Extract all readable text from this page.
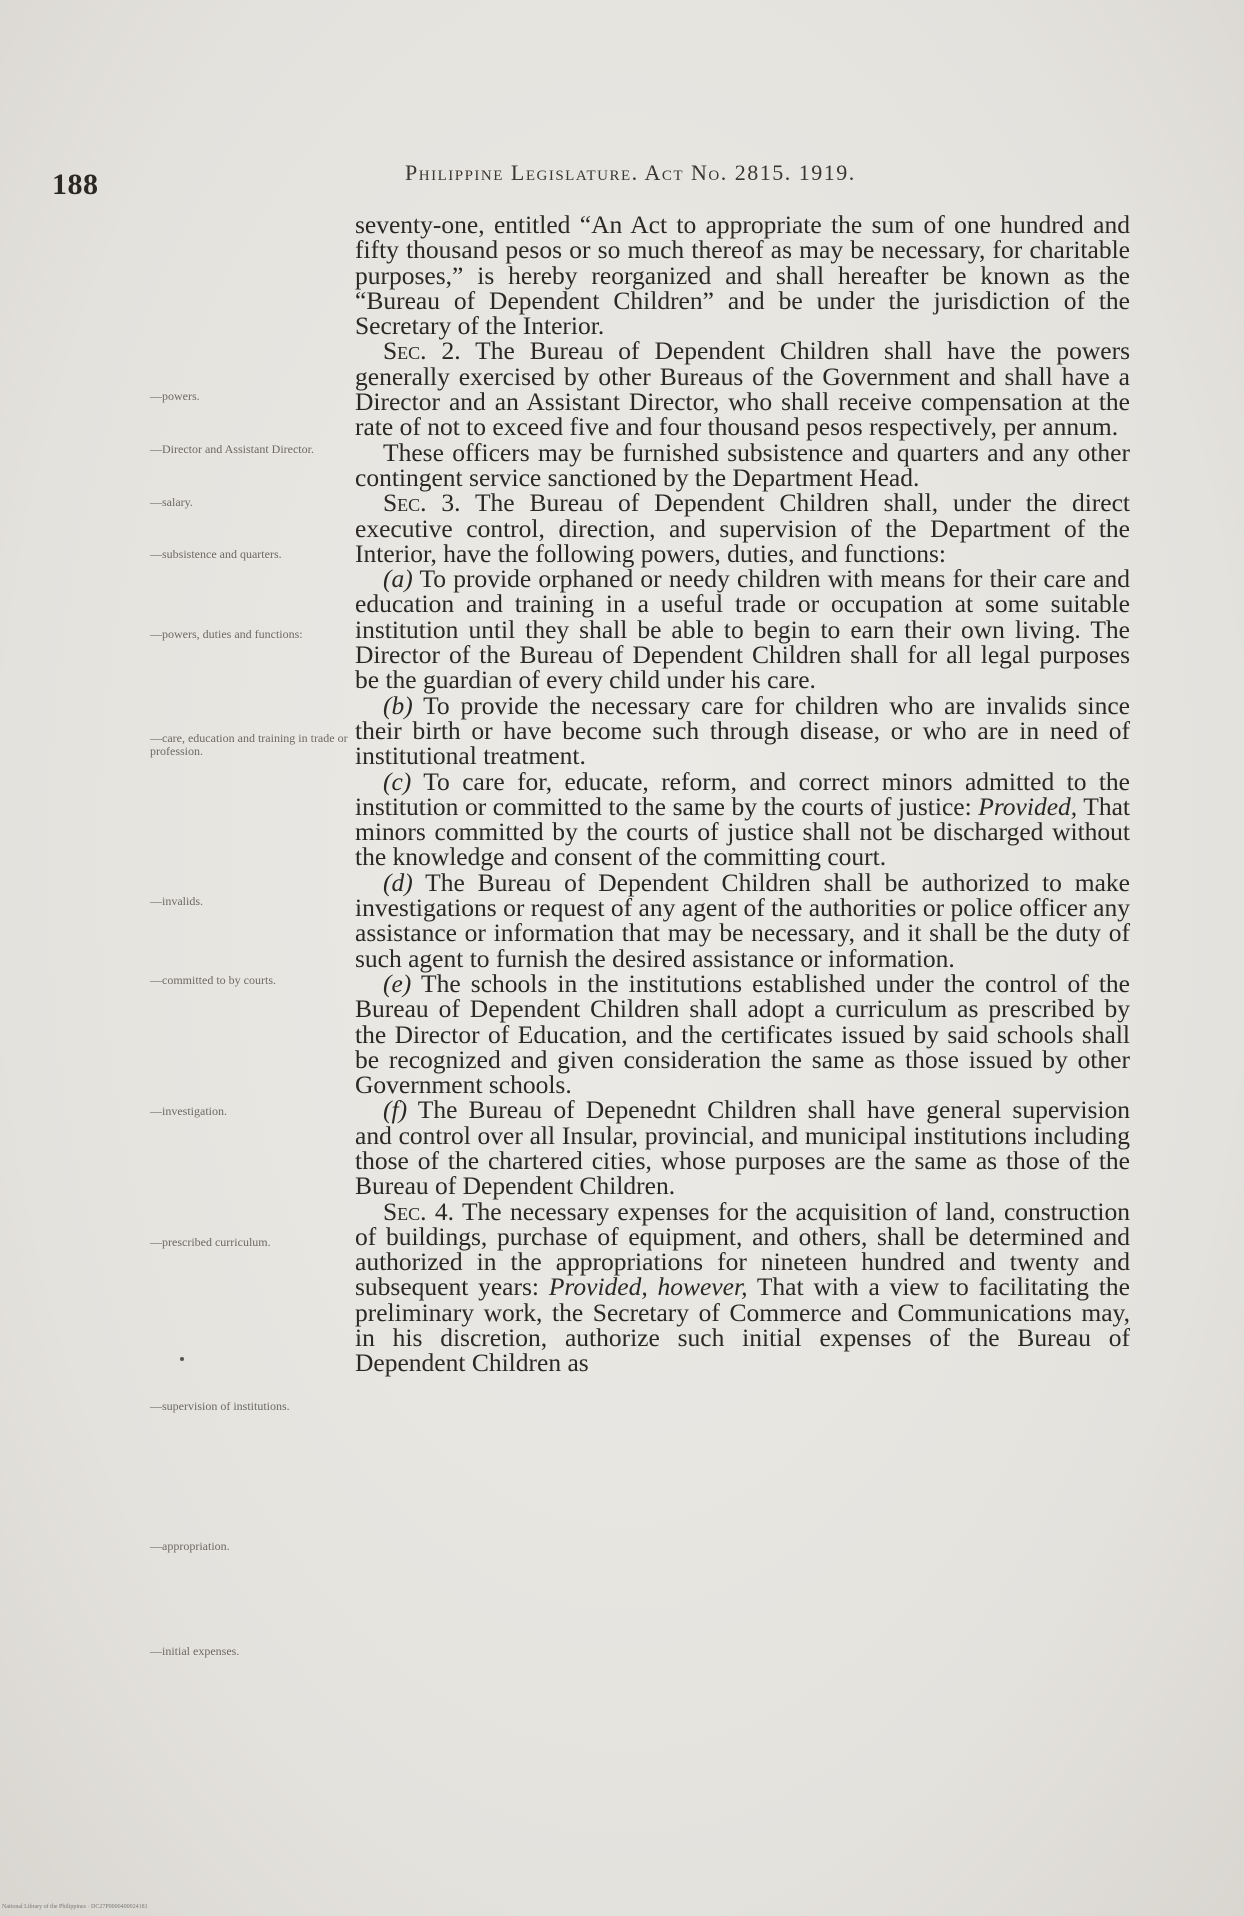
188	Philippine Legislature. Act No. 2815. 1919.
—powers.
—Director and Assistant Director.
—salary.
—subsistence and quarters.
—powers, duties and functions:
—care, education and training in trade or profession.
—invalids.
—committed to by courts.
—investigation.
—prescribed curriculum.
—supervision of institutions.
—appropriation.
—initial expenses.

seventy-one, entitled “An Act to appropriate the sum of one hundred and fifty thousand pesos or so much thereof as may be necessary, for charitable purposes,” is hereby reorganized and shall hereafter be known as the “Bureau of Dependent Children” and be under the jurisdiction of the Secretary of the Interior.

Sec. 2. The Bureau of Dependent Children shall have the powers generally exercised by other Bureaus of the Government and shall have a Director and an Assistant Director, who shall receive compensation at the rate of not to exceed five and four thousand pesos respectively, per annum.

These officers may be furnished subsistence and quarters and any other contingent service sanctioned by the Department Head.

Sec. 3. The Bureau of Dependent Children shall, under the direct executive control, direction, and supervision of the Department of the Interior, have the following powers, duties, and functions:

(a) To provide orphaned or needy children with means for their care and education and training in a useful trade or occupation at some suitable institution until they shall be able to begin to earn their own living. The Director of the Bureau of Dependent Children shall for all legal purposes be the guardian of every child under his care.

(b) To provide the necessary care for children who are invalids since their birth or have become such through disease, or who are in need of institutional treatment.

(c) To care for, educate, reform, and correct minors admitted to the institution or committed to the same by the courts of justice: Provided, That minors committed by the courts of justice shall not be discharged without the knowledge and consent of the committing court.

(d) The Bureau of Dependent Children shall be authorized to make investigations or request of any agent of the authorities or police officer any assistance or information that may be necessary, and it shall be the duty of such agent to furnish the desired assistance or information.

(e) The schools in the institutions established under the control of the Bureau of Dependent Children shall adopt a curriculum as prescribed by the Director of Education, and the certificates issued by said schools shall be recognized and given consideration the same as those issued by other Government schools.

(f) The Bureau of Depenednt Children shall have general supervision and control over all Insular, provincial, and municipal institutions including those of the chartered cities, whose purposes are the same as those of the Bureau of Dependent Children.

Sec. 4. The necessary expenses for the acquisition of land, construction of buildings, purchase of equipment, and others, shall be determined and authorized in the appropriations for nineteen hundred and twenty and subsequent years: Provided, however, That with a view to facilitating the preliminary work, the Secretary of Commerce and Communications may, in his discretion, authorize such initial expenses of the Bureau of Dependent Children as

National Library of the Philippines · DC27P0000400024181
